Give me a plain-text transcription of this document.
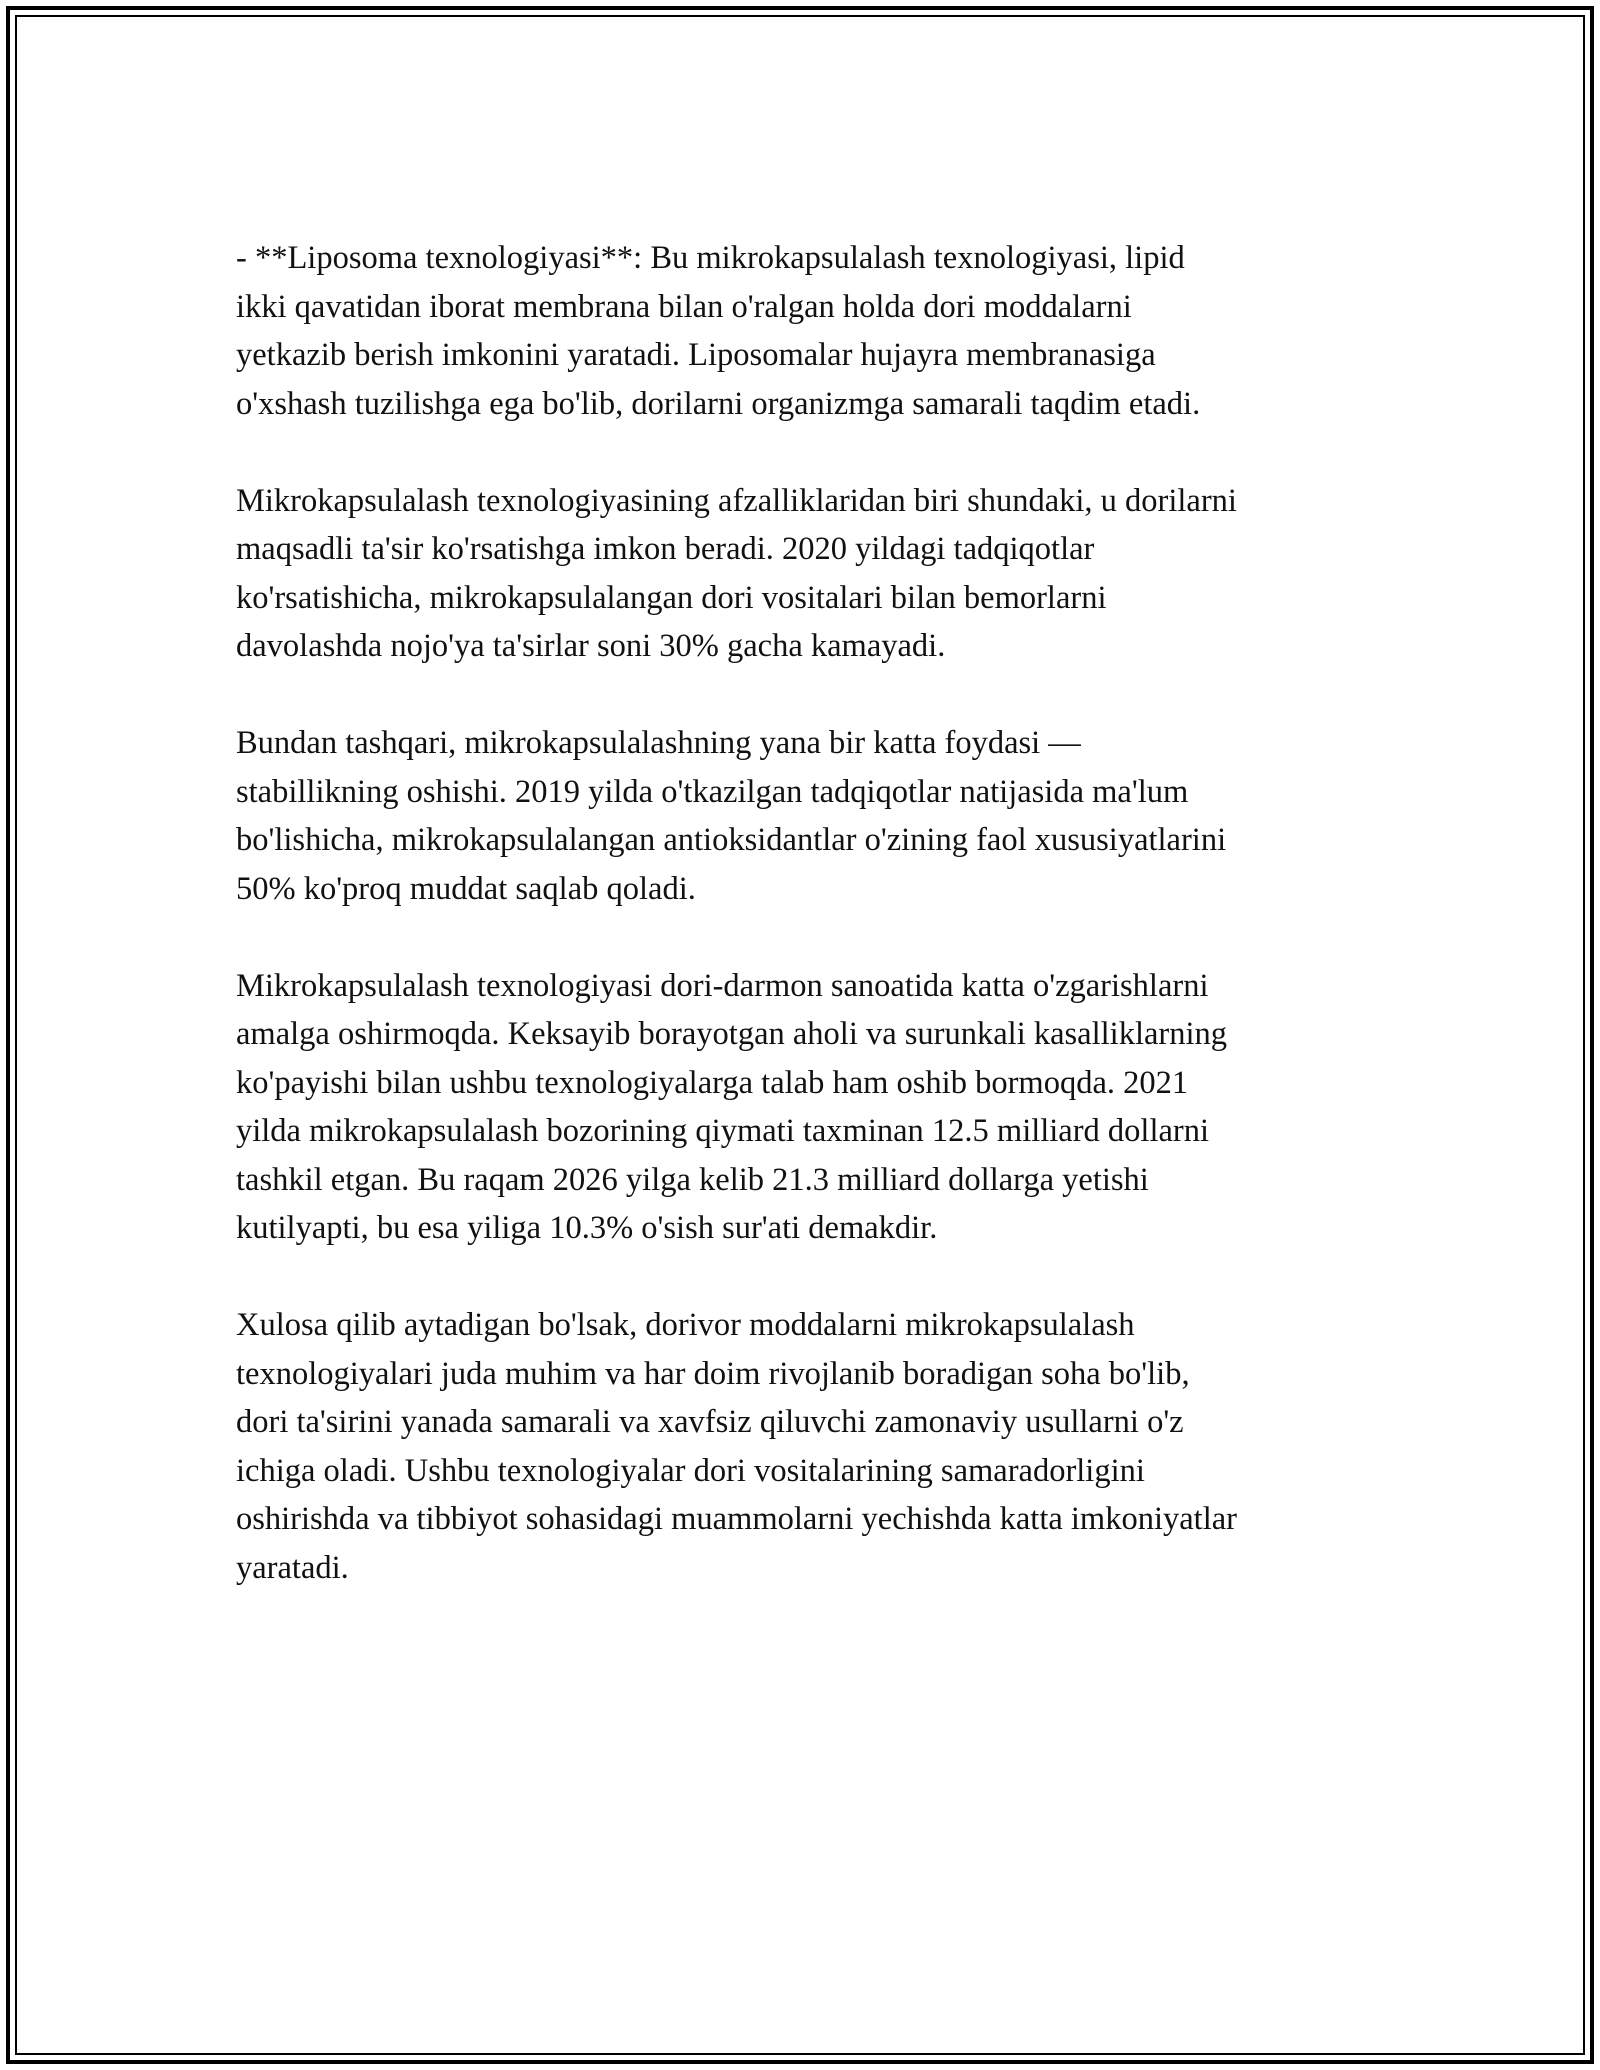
- **Liposoma texnologiyasi**: Bu mikrokapsulalash texnologiyasi, lipid
ikki qavatidan iborat membrana bilan o'ralgan holda dori moddalarni
yetkazib berish imkonini yaratadi. Liposomalar hujayra membranasiga
o'xshash tuzilishga ega bo'lib, dorilarni organizmga samarali taqdim etadi.

Mikrokapsulalash texnologiyasining afzalliklaridan biri shundaki, u dorilarni
maqsadli ta'sir ko'rsatishga imkon beradi. 2020 yildagi tadqiqotlar
ko'rsatishicha, mikrokapsulalangan dori vositalari bilan bemorlarni
davolashda nojo'ya ta'sirlar soni 30% gacha kamayadi.

Bundan tashqari, mikrokapsulalashning yana bir katta foydasi —
stabillikning oshishi. 2019 yilda o'tkazilgan tadqiqotlar natijasida ma'lum
bo'lishicha, mikrokapsulalangan antioksidantlar o'zining faol xususiyatlarini
50% ko'proq muddat saqlab qoladi.

Mikrokapsulalash texnologiyasi dori-darmon sanoatida katta o'zgarishlarni
amalga oshirmoqda. Keksayib borayotgan aholi va surunkali kasalliklarning
ko'payishi bilan ushbu texnologiyalarga talab ham oshib bormoqda. 2021
yilda mikrokapsulalash bozorining qiymati taxminan 12.5 milliard dollarni
tashkil etgan. Bu raqam 2026 yilga kelib 21.3 milliard dollarga yetishi
kutilyapti, bu esa yiliga 10.3% o'sish sur'ati demakdir.

Xulosa qilib aytadigan bo'lsak, dorivor moddalarni mikrokapsulalash
texnologiyalari juda muhim va har doim rivojlanib boradigan soha bo'lib,
dori ta'sirini yanada samarali va xavfsiz qiluvchi zamonaviy usullarni o'z
ichiga oladi. Ushbu texnologiyalar dori vositalarining samaradorligini
oshirishda va tibbiyot sohasidagi muammolarni yechishda katta imkoniyatlar
yaratadi.
